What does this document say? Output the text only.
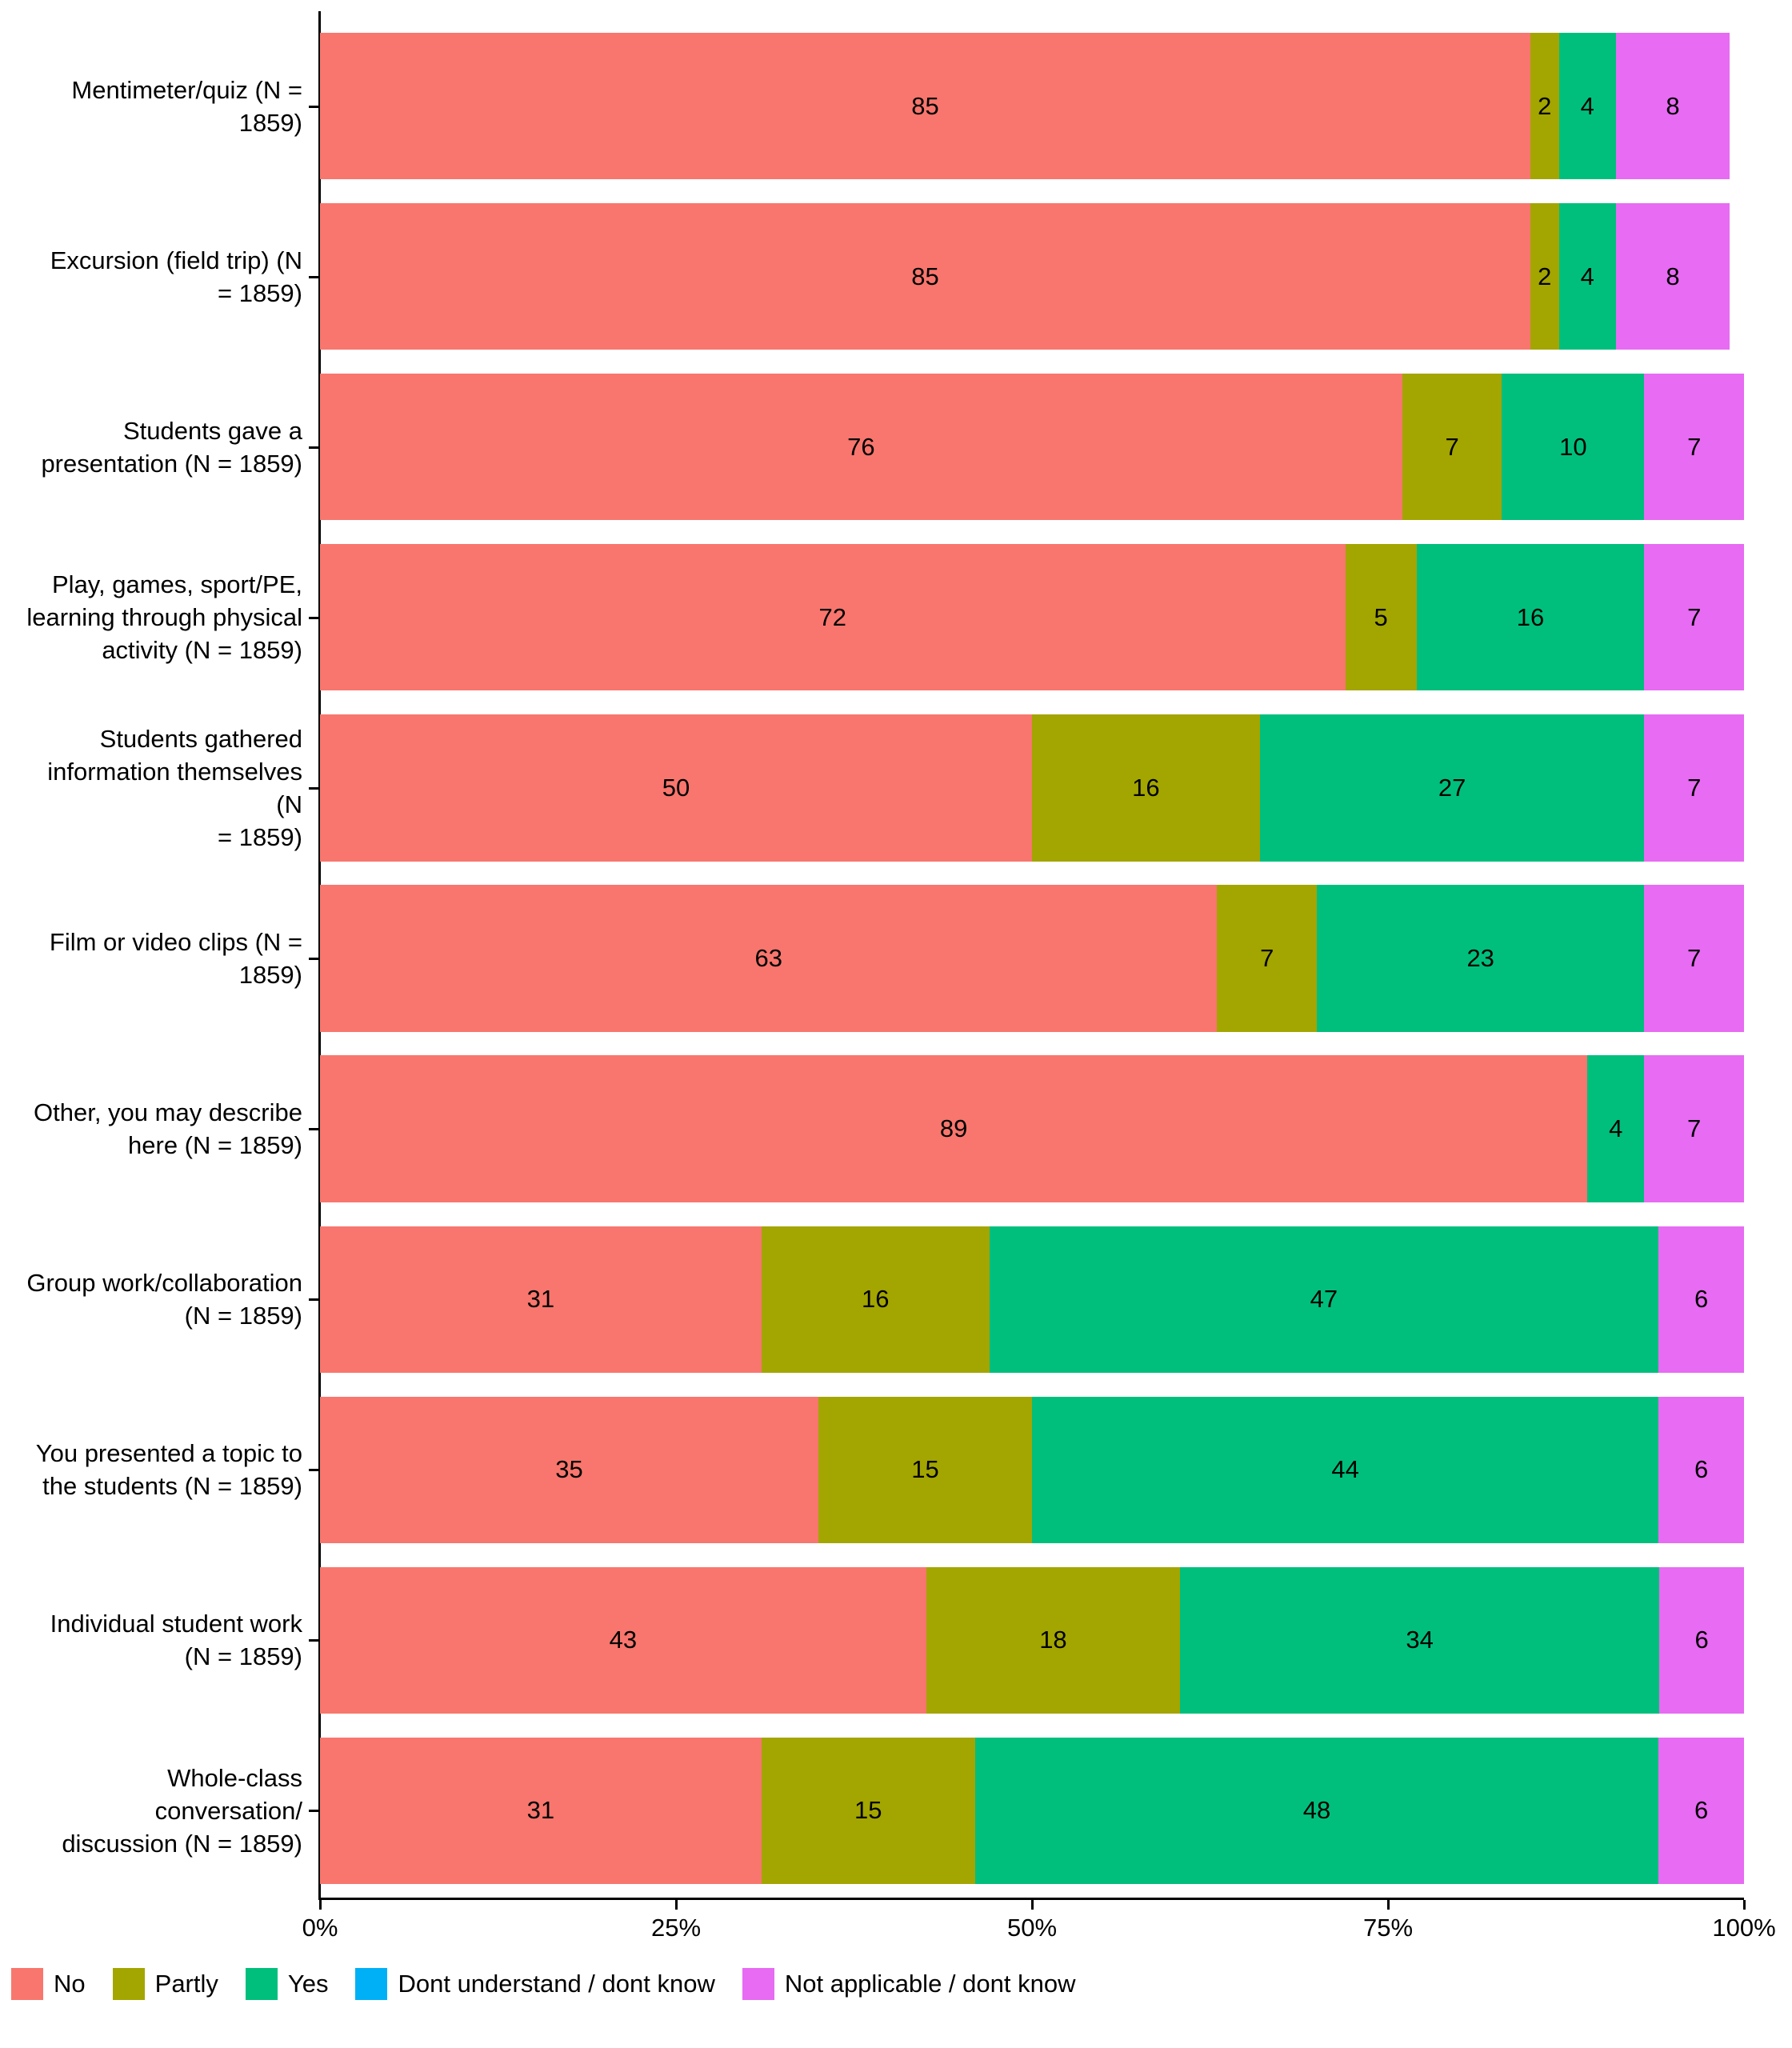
85	2 4	8
85	2 4	8
76	7	10	7
72	5	16	7
50	16	27	7
63	7	23	7
89	4	7
31	16	47	6
35	15	44	6
43	18	34	6
31	15	48	6
Mentimeter/quiz (N =
1859)
Excursion (field trip) (N
= 1859)
Students gave a
presentation (N = 1859)
Play, games, sport/PE,
learning through physical
activity (N = 1859)
Students gathered
information themselves (N
= 1859)
Film or video clips (N =
1859)
Other, you may describe
here (N = 1859)
Group work/collaboration
(N = 1859)
You presented a topic to
the students (N = 1859)
Individual student work
(N = 1859)
Whole-class conversation/
discussion (N = 1859)
0%	25%	50%	75%	100%
No	Partly	Yes	Dont understand / dont know	Not applicable / dont know
